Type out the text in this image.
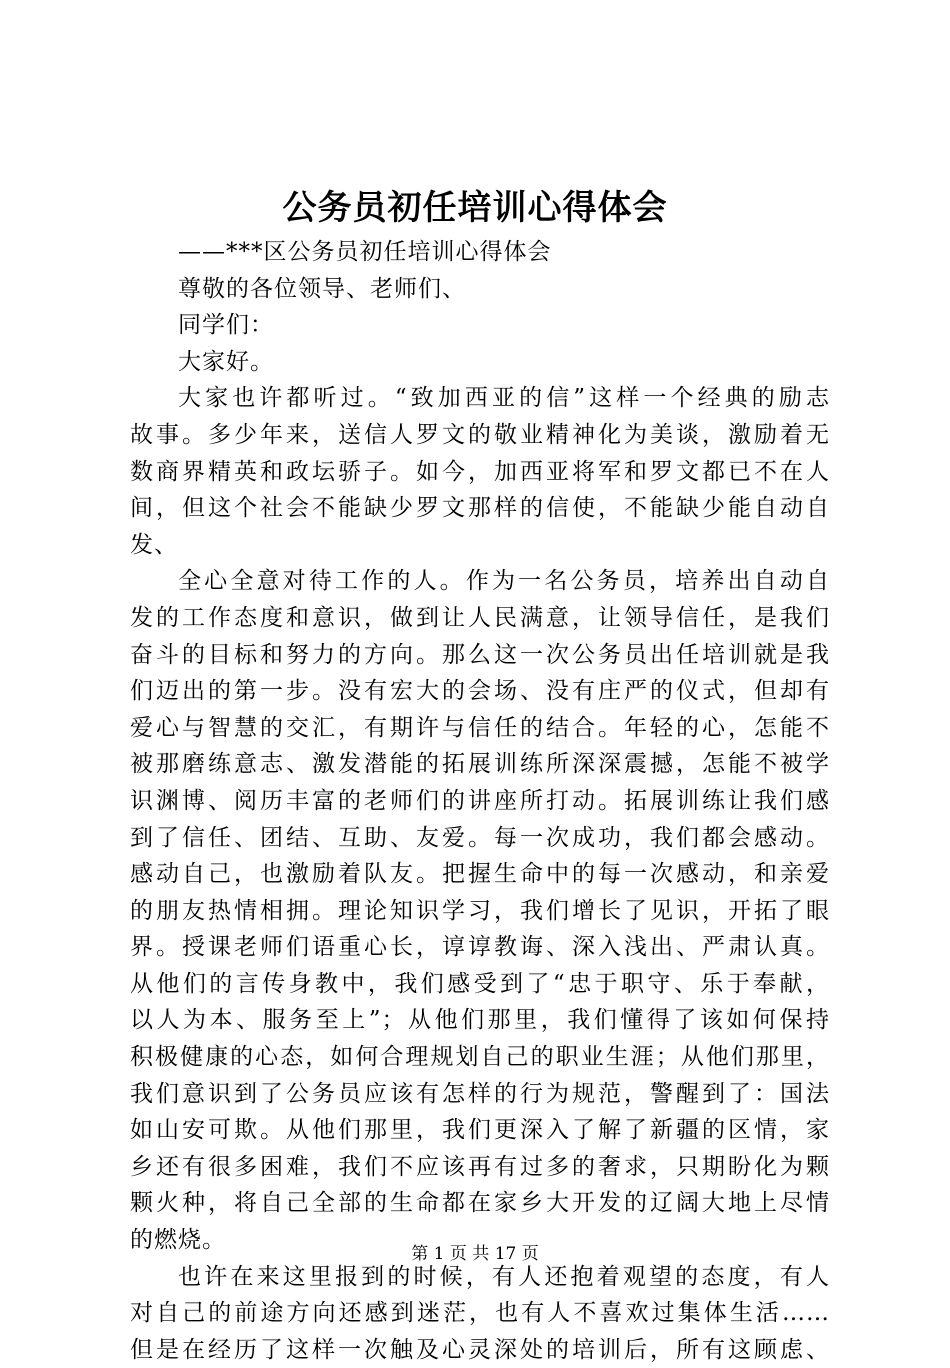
公务员初任培训心得体会
——***区公务员初任培训心得体会
尊敬的各位领导、老师们、
同学们：
大家好。
大家也许都听过。“致加西亚的信”这样一个经典的励志
故事。多少年来，送信人罗文的敬业精神化为美谈，激励着无
数商界精英和政坛骄子。如今，加西亚将军和罗文都已不在人
间，但这个社会不能缺少罗文那样的信使，不能缺少能自动自
发、
全心全意对待工作的人。作为一名公务员，培养出自动自
发的工作态度和意识，做到让人民满意，让领导信任，是我们
奋斗的目标和努力的方向。那么这一次公务员出任培训就是我
们迈出的第一步。没有宏大的会场、没有庄严的仪式，但却有
爱心与智慧的交汇，有期许与信任的结合。年轻的心，怎能不
被那磨练意志、激发潜能的拓展训练所深深震撼，怎能不被学
识渊博、阅历丰富的老师们的讲座所打动。拓展训练让我们感
到了信任、团结、互助、友爱。每一次成功，我们都会感动。
感动自己，也激励着队友。把握生命中的每一次感动，和亲爱
的朋友热情相拥。理论知识学习，我们增长了见识，开拓了眼
界。授课老师们语重心长，谆谆教诲、深入浅出、严肃认真。
从他们的言传身教中，我们感受到了“忠于职守、乐于奉献，
以人为本、服务至上”；从他们那里，我们懂得了该如何保持
积极健康的心态，如何合理规划自己的职业生涯；从他们那里，
我们意识到了公务员应该有怎样的行为规范，警醒到了：国法
如山安可欺。从他们那里，我们更深入了解了新疆的区情，家
乡还有很多困难，我们不应该再有过多的奢求，只期盼化为颗
颗火种，将自己全部的生命都在家乡大开发的辽阔大地上尽情
的燃烧。
也许在来这里报到的时候，有人还抱着观望的态度，有人
对自己的前途方向还感到迷茫，也有人不喜欢过集体生活……
但是在经历了这样一次触及心灵深处的培训后，所有这顾虑、
第 1 页 共 17 页
